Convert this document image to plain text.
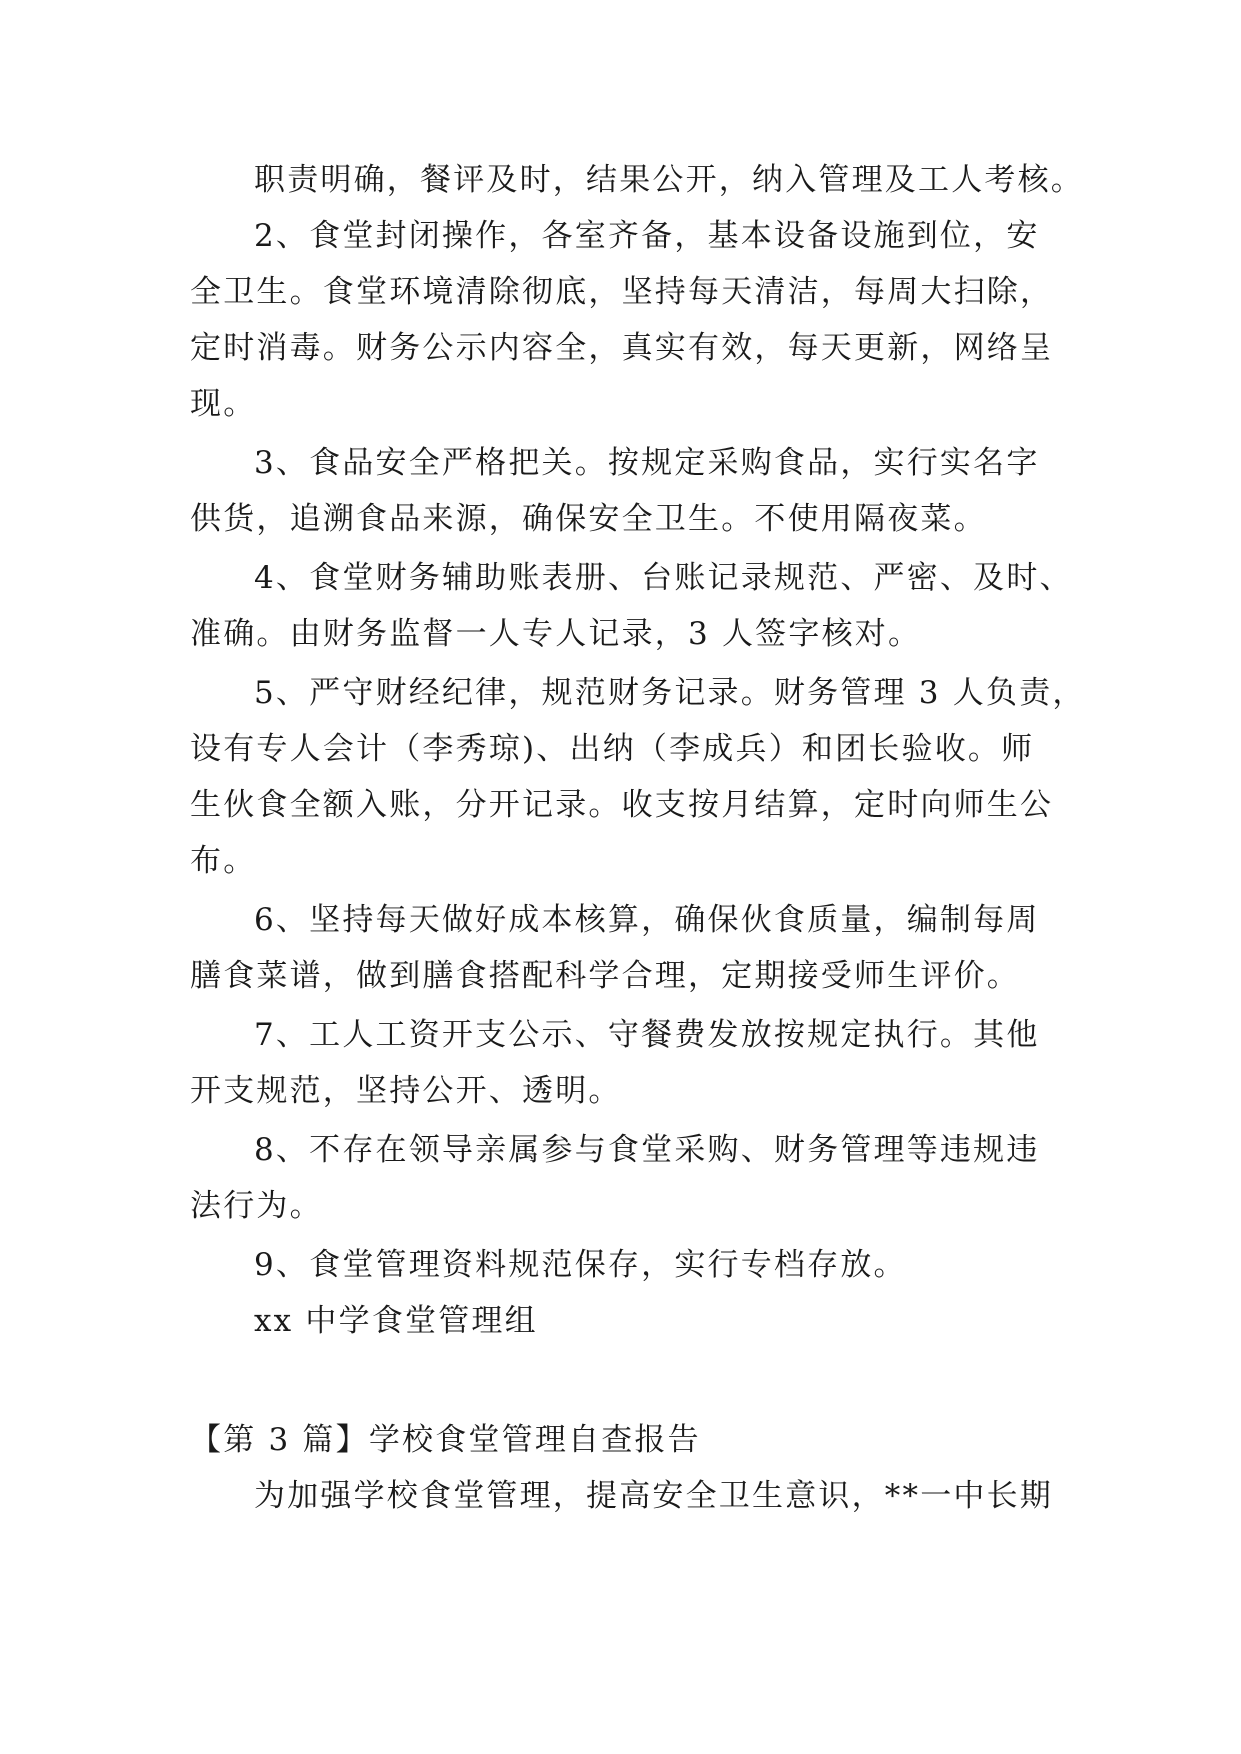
职责明确，餐评及时，结果公开，纳入管理及工人考核。
2、食堂封闭操作，各室齐备，基本设备设施到位，安
全卫生。食堂环境清除彻底，坚持每天清洁，每周大扫除，
定时消毒。财务公示内容全，真实有效，每天更新，网络呈
现。
3、食品安全严格把关。按规定采购食品，实行实名字
供货，追溯食品来源，确保安全卫生。不使用隔夜菜。
4、食堂财务辅助账表册、台账记录规范、严密、及时、
准确。由财务监督一人专人记录，3 人签字核对。
5、严守财经纪律，规范财务记录。财务管理 3 人负责，
设有专人会计（李秀琼)、出纳（李成兵）和团长验收。师
生伙食全额入账，分开记录。收支按月结算，定时向师生公
布。
6、坚持每天做好成本核算，确保伙食质量，编制每周
膳食菜谱，做到膳食搭配科学合理，定期接受师生评价。
7、工人工资开支公示、守餐费发放按规定执行。其他
开支规范，坚持公开、透明。
8、不存在领导亲属参与食堂采购、财务管理等违规违
法行为。
9、食堂管理资料规范保存，实行专档存放。
xx 中学食堂管理组
【第 3 篇】学校食堂管理自查报告
为加强学校食堂管理，提高安全卫生意识，**一中长期
